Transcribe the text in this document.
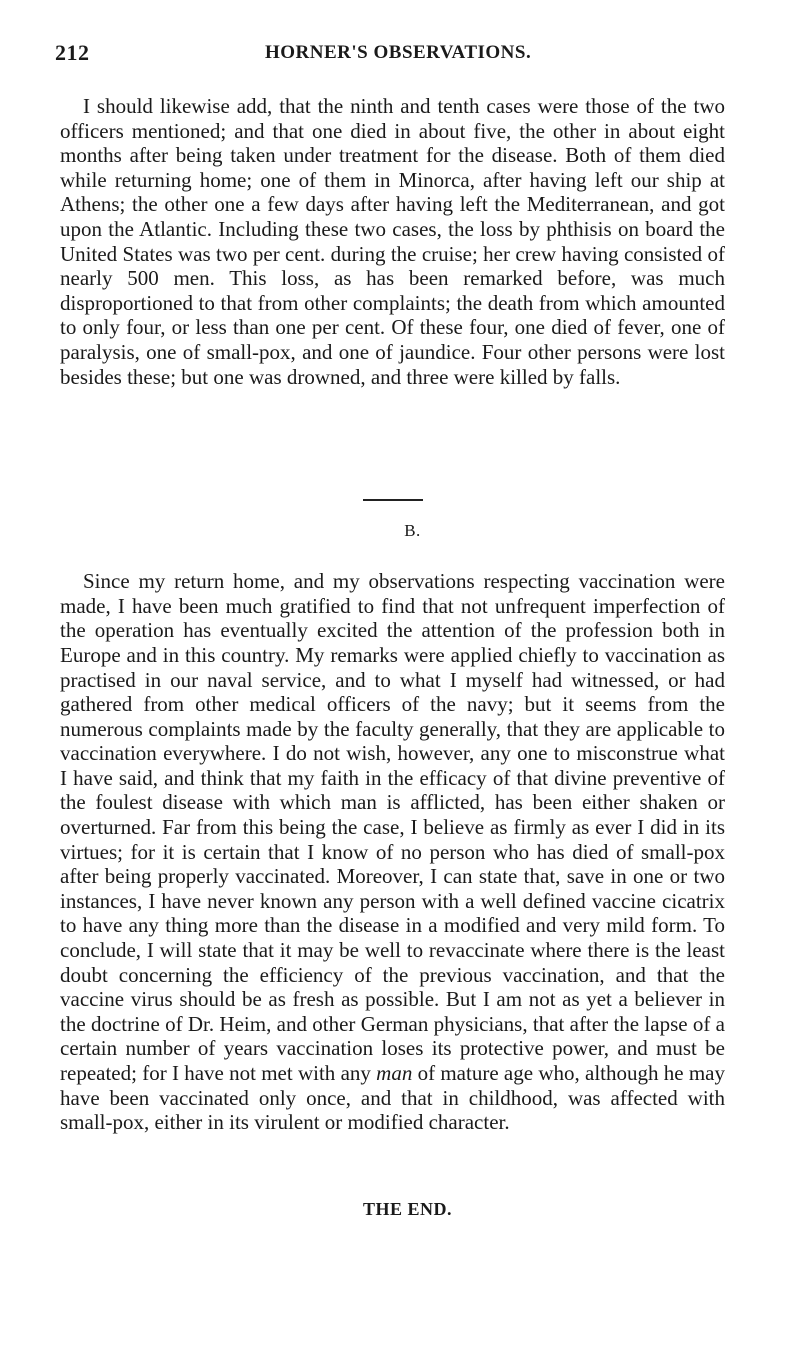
212	HORNER'S OBSERVATIONS.

I should likewise add, that the ninth and tenth cases were those of the two officers mentioned; and that one died in about five, the other in about eight months after being taken under treatment for the disease. Both of them died while returning home; one of them in Minorca, after having left our ship at Athens; the other one a few days after having left the Mediterranean, and got upon the Atlantic. Including these two cases, the loss by phthisis on board the United States was two per cent. during the cruise; her crew having consisted of nearly 500 men. This loss, as has been remarked before, was much disproportioned to that from other complaints; the death from which amounted to only four, or less than one per cent. Of these four, one died of fever, one of paralysis, one of small-pox, and one of jaundice. Four other persons were lost besides these; but one was drowned, and three were killed by falls.

B.

Since my return home, and my observations respecting vaccination were made, I have been much gratified to find that not unfrequent imperfection of the operation has eventually excited the attention of the profession both in Europe and in this country. My remarks were applied chiefly to vaccination as practised in our naval service, and to what I myself had witnessed, or had gathered from other medical officers of the navy; but it seems from the numerous complaints made by the faculty generally, that they are applicable to vaccination everywhere. I do not wish, however, any one to misconstrue what I have said, and think that my faith in the efficacy of that divine preventive of the foulest disease with which man is afflicted, has been either shaken or overturned. Far from this being the case, I believe as firmly as ever I did in its virtues; for it is certain that I know of no person who has died of small-pox after being properly vaccinated. Moreover, I can state that, save in one or two instances, I have never known any person with a well defined vaccine cicatrix to have any thing more than the disease in a modified and very mild form. To conclude, I will state that it may be well to revaccinate where there is the least doubt concerning the efficiency of the previous vaccination, and that the vaccine virus should be as fresh as possible. But I am not as yet a believer in the doctrine of Dr. Heim, and other German physicians, that after the lapse of a certain number of years vaccination loses its protective power, and must be repeated; for I have not met with any man of mature age who, although he may have been vaccinated only once, and that in childhood, was affected with small-pox, either in its virulent or modified character.

THE END.
